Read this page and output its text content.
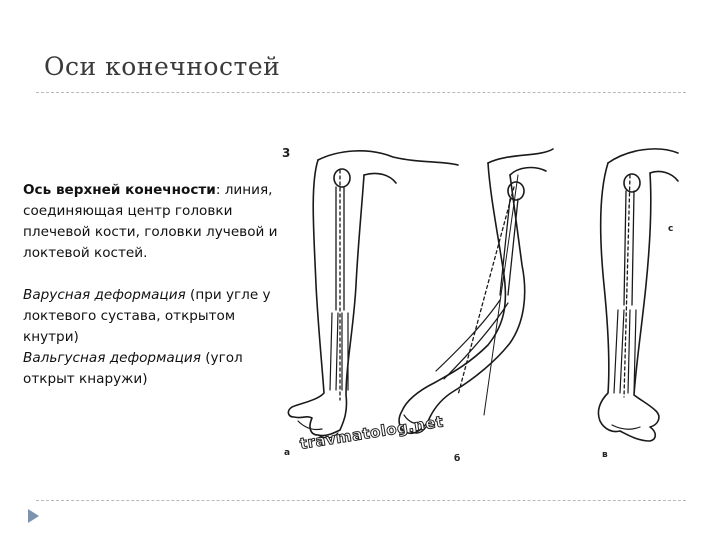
Оси конечностей

Ось верхней конечности: линия, соединяющая центр головки плечевой кости, головки лучевой и локтевой костей.

Варусная деформация (при угле у локтевого сустава, открытом кнутри)

Вальгусная деформация (угол открыт кнаружи)

3
а
б
с
в
travmatolog.net
